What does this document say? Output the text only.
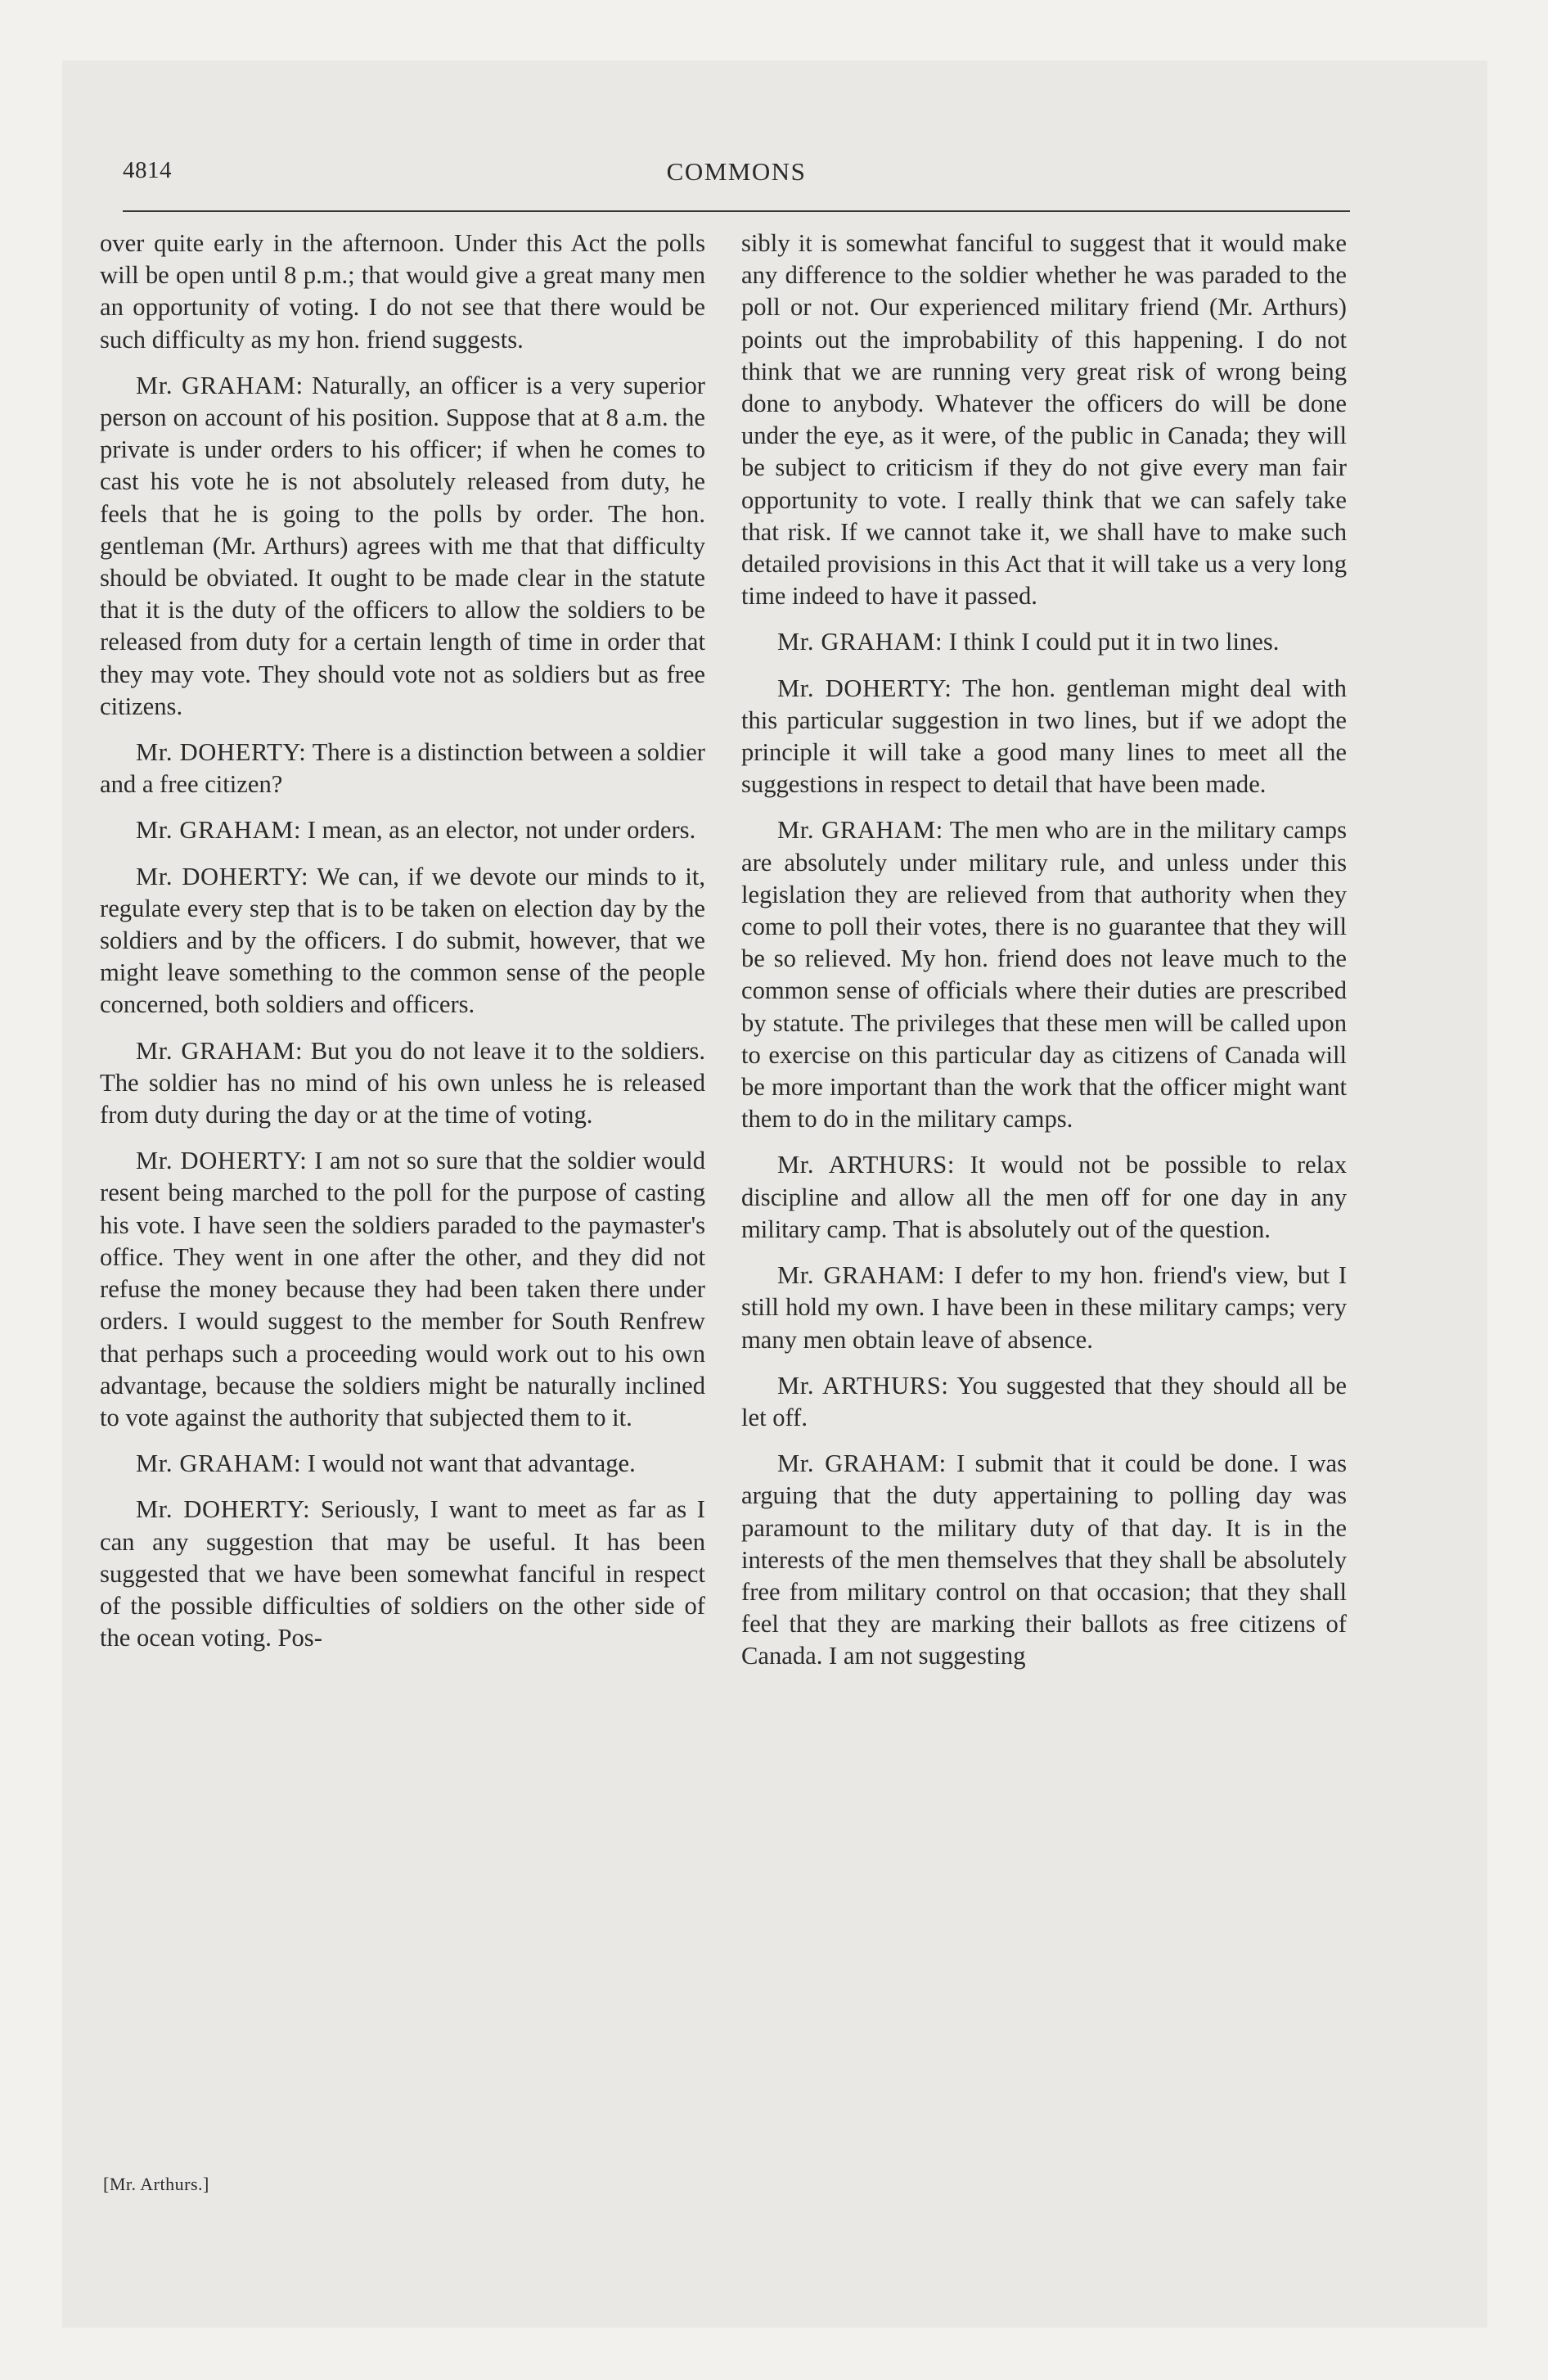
4814	COMMONS

over quite early in the afternoon. Under this Act the polls will be open until 8 p.m.; that would give a great many men an opportunity of voting. I do not see that there would be such difficulty as my hon. friend suggests.

Mr. GRAHAM: Naturally, an officer is a very superior person on account of his position. Suppose that at 8 a.m. the private is under orders to his officer; if when he comes to cast his vote he is not absolutely released from duty, he feels that he is going to the polls by order. The hon. gentleman (Mr. Arthurs) agrees with me that that difficulty should be obviated. It ought to be made clear in the statute that it is the duty of the officers to allow the soldiers to be released from duty for a certain length of time in order that they may vote. They should vote not as soldiers but as free citizens.

Mr. DOHERTY: There is a distinction between a soldier and a free citizen?

Mr. GRAHAM: I mean, as an elector, not under orders.

Mr. DOHERTY: We can, if we devote our minds to it, regulate every step that is to be taken on election day by the soldiers and by the officers. I do submit, however, that we might leave something to the common sense of the people concerned, both soldiers and officers.

Mr. GRAHAM: But you do not leave it to the soldiers. The soldier has no mind of his own unless he is released from duty during the day or at the time of voting.

Mr. DOHERTY: I am not so sure that the soldier would resent being marched to the poll for the purpose of casting his vote. I have seen the soldiers paraded to the paymaster's office. They went in one after the other, and they did not refuse the money because they had been taken there under orders. I would suggest to the member for South Renfrew that perhaps such a proceeding would work out to his own advantage, because the soldiers might be naturally inclined to vote against the authority that subjected them to it.

Mr. GRAHAM: I would not want that advantage.

Mr. DOHERTY: Seriously, I want to meet as far as I can any suggestion that may be useful. It has been suggested that we have been somewhat fanciful in respect of the possible difficulties of soldiers on the other side of the ocean voting. Pos-

sibly it is somewhat fanciful to suggest that it would make any difference to the soldier whether he was paraded to the poll or not. Our experienced military friend (Mr. Arthurs) points out the improbability of this happening. I do not think that we are running very great risk of wrong being done to anybody. Whatever the officers do will be done under the eye, as it were, of the public in Canada; they will be subject to criticism if they do not give every man fair opportunity to vote. I really think that we can safely take that risk. If we cannot take it, we shall have to make such detailed provisions in this Act that it will take us a very long time indeed to have it passed.

Mr. GRAHAM: I think I could put it in two lines.

Mr. DOHERTY: The hon. gentleman might deal with this particular suggestion in two lines, but if we adopt the principle it will take a good many lines to meet all the suggestions in respect to detail that have been made.

Mr. GRAHAM: The men who are in the military camps are absolutely under military rule, and unless under this legislation they are relieved from that authority when they come to poll their votes, there is no guarantee that they will be so relieved. My hon. friend does not leave much to the common sense of officials where their duties are prescribed by statute. The privileges that these men will be called upon to exercise on this particular day as citizens of Canada will be more important than the work that the officer might want them to do in the military camps.

Mr. ARTHURS: It would not be possible to relax discipline and allow all the men off for one day in any military camp. That is absolutely out of the question.

Mr. GRAHAM: I defer to my hon. friend's view, but I still hold my own. I have been in these military camps; very many men obtain leave of absence.

Mr. ARTHURS: You suggested that they should all be let off.

Mr. GRAHAM: I submit that it could be done. I was arguing that the duty appertaining to polling day was paramount to the military duty of that day. It is in the interests of the men themselves that they shall be absolutely free from military control on that occasion; that they shall feel that they are marking their ballots as free citizens of Canada. I am not suggesting

[Mr. Arthurs.]
